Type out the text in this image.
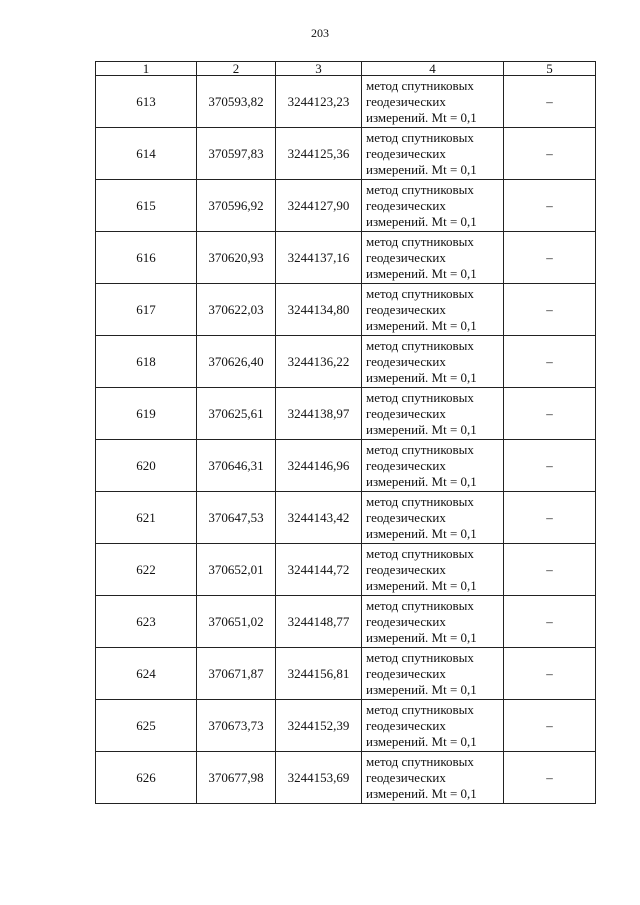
203
1	2	3	4	5
613	370593,82	3244123,23	метод спутниковых
геодезических
измерений. Mt = 0,1	–
614	370597,83	3244125,36	метод спутниковых
геодезических
измерений. Mt = 0,1	–
615	370596,92	3244127,90	метод спутниковых
геодезических
измерений. Mt = 0,1	–
616	370620,93	3244137,16	метод спутниковых
геодезических
измерений. Mt = 0,1	–
617	370622,03	3244134,80	метод спутниковых
геодезических
измерений. Mt = 0,1	–
618	370626,40	3244136,22	метод спутниковых
геодезических
измерений. Mt = 0,1	–
619	370625,61	3244138,97	метод спутниковых
геодезических
измерений. Mt = 0,1	–
620	370646,31	3244146,96	метод спутниковых
геодезических
измерений. Mt = 0,1	–
621	370647,53	3244143,42	метод спутниковых
геодезических
измерений. Mt = 0,1	–
622	370652,01	3244144,72	метод спутниковых
геодезических
измерений. Mt = 0,1	–
623	370651,02	3244148,77	метод спутниковых
геодезических
измерений. Mt = 0,1	–
624	370671,87	3244156,81	метод спутниковых
геодезических
измерений. Mt = 0,1	–
625	370673,73	3244152,39	метод спутниковых
геодезических
измерений. Mt = 0,1	–
626	370677,98	3244153,69	метод спутниковых
геодезических
измерений. Mt = 0,1	–
